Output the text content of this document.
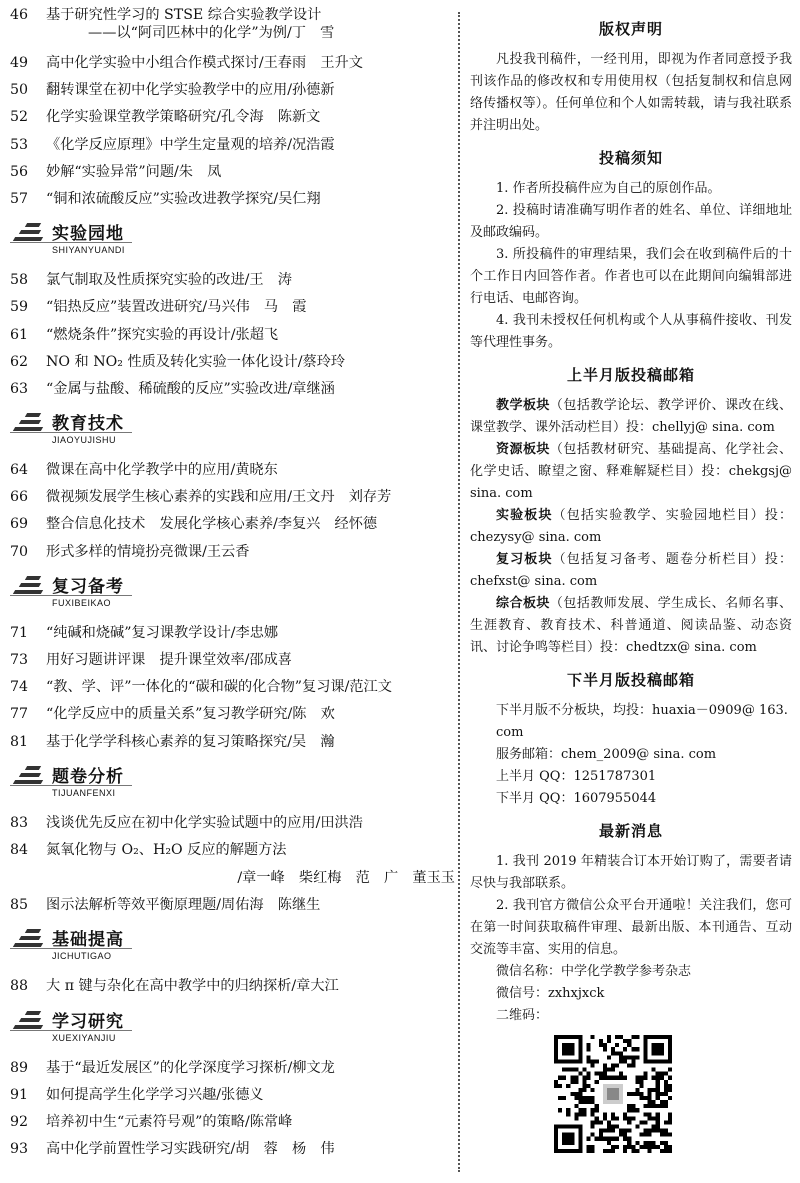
46	基于研究性学习的 STSE 综合实验教学设计
——以“阿司匹林中的化学”为例/丁　雪
49	高中化学实验中小组合作模式探讨/王春雨　王升文
50	翻转课堂在初中化学实验教学中的应用/孙德新
52	化学实验课堂教学策略研究/孔令海　陈新文
53	《化学反应原理》中学生定量观的培养/况浩霞
56	妙解“实验异常”问题/朱　凤
57	“铜和浓硫酸反应”实验改进教学探究/吴仁翔
实验园地
SHIYANYUANDI
58	氯气制取及性质探究实验的改进/王　涛
59	“铝热反应”装置改进研究/马兴伟　马　霞
61	“燃烧条件”探究实验的再设计/张超飞
62	NO 和 NO₂ 性质及转化实验一体化设计/蔡玲玲
63	“金属与盐酸、稀硫酸的反应”实验改进/章继涵
教育技术
JIAOYUJISHU
64	微课在高中化学教学中的应用/黄晓东
66	微视频发展学生核心素养的实践和应用/王文丹　刘存芳
69	整合信息化技术　发展化学核心素养/李复兴　经怀德
70	形式多样的情境扮亮微课/王云香
复习备考
FUXIBEIKAO
71	“纯碱和烧碱”复习课教学设计/李忠娜
73	用好习题讲评课　提升课堂效率/邵成喜
74	“教、学、评”一体化的“碳和碳的化合物”复习课/范江文
77	“化学反应中的质量关系”复习教学研究/陈　欢
81	基于化学学科核心素养的复习策略探究/吴　瀚
题卷分析
TIJUANFENXI
83	浅谈优先反应在初中化学实验试题中的应用/田洪浩
84	氮氧化物与 O₂、H₂O 反应的解题方法
/章一峰　柴红梅　范　广　董玉玉
85	图示法解析等效平衡原理题/周佑海　陈继生
基础提高
JICHUTIGAO
88	大 π 键与杂化在高中教学中的归纳探析/章大江
学习研究
XUEXIYANJIU
89	基于“最近发展区”的化学深度学习探析/柳文龙
91	如何提高学生化学学习兴趣/张德义
92	培养初中生“元素符号观”的策略/陈常峰
93	高中化学前置性学习实践研究/胡　蓉　杨　伟
版权声明

凡投我刊稿件，一经刊用，即视为作者同意授予我刊该作品的修改权和专用使用权（包括复制权和信息网络传播权等）。任何单位和个人如需转载，请与我社联系并注明出处。

投稿须知

1. 作者所投稿件应为自己的原创作品。

2. 投稿时请准确写明作者的姓名、单位、详细地址及邮政编码。

3. 所投稿件的审理结果，我们会在收到稿件后的十个工作日内回答作者。作者也可以在此期间向编辑部进行电话、电邮咨询。

4. 我刊未授权任何机构或个人从事稿件接收、刊发等代理性事务。

上半月版投稿邮箱

教学板块（包括教学论坛、教学评价、课改在线、课堂教学、课外活动栏目）投：chellyj@ sina. com

资源板块（包括教材研究、基础提高、化学社会、化学史话、瞭望之窗、释难解疑栏目）投：chekgsj@ sina. com

实验板块（包括实验教学、实验园地栏目）投：chezysy@ sina. com

复习板块（包括复习备考、题卷分析栏目）投：chefxst@ sina. com

综合板块（包括教师发展、学生成长、名师名事、生涯教育、教育技术、科普通道、阅读品鉴、动态资讯、讨论争鸣等栏目）投：chedtzx@ sina. com

下半月版投稿邮箱

下半月版不分板块，均投：huaxia－0909@ 163. com

服务邮箱：chem_2009@ sina. com

上半月 QQ：1251787301

下半月 QQ：1607955044

最新消息

1. 我刊 2019 年精装合订本开始订购了，需要者请尽快与我部联系。

2. 我刊官方微信公众平台开通啦！关注我们，您可在第一时间获取稿件审理、最新出版、本刊通告、互动交流等丰富、实用的信息。

微信名称：中学化学教学参考杂志

微信号：zxhxjxck

二维码：
